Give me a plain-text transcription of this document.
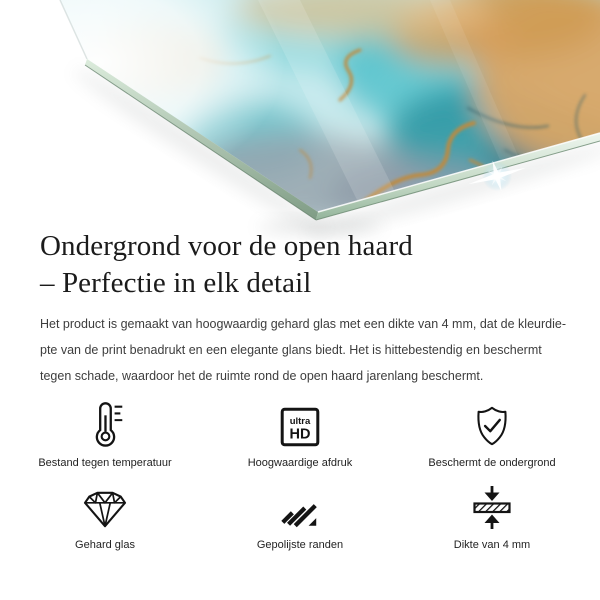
Ondergrond voor de open haard
– Perfectie in elk detail

Het product is gemaakt van hoogwaardig gehard glas met een dikte van 4 mm, dat de kleurdie-
pte van de print benadrukt en een elegante glans biedt. Het is hittebestendig en beschermt
tegen schade, waardoor het de ruimte rond de open haard jarenlang beschermt.

Bestand tegen temperatuur
ultra
HD
Hoogwaardige afdruk	Beschermt de ondergrond
Gehard glas	Gepolijste randen	Dikte van 4 mm
